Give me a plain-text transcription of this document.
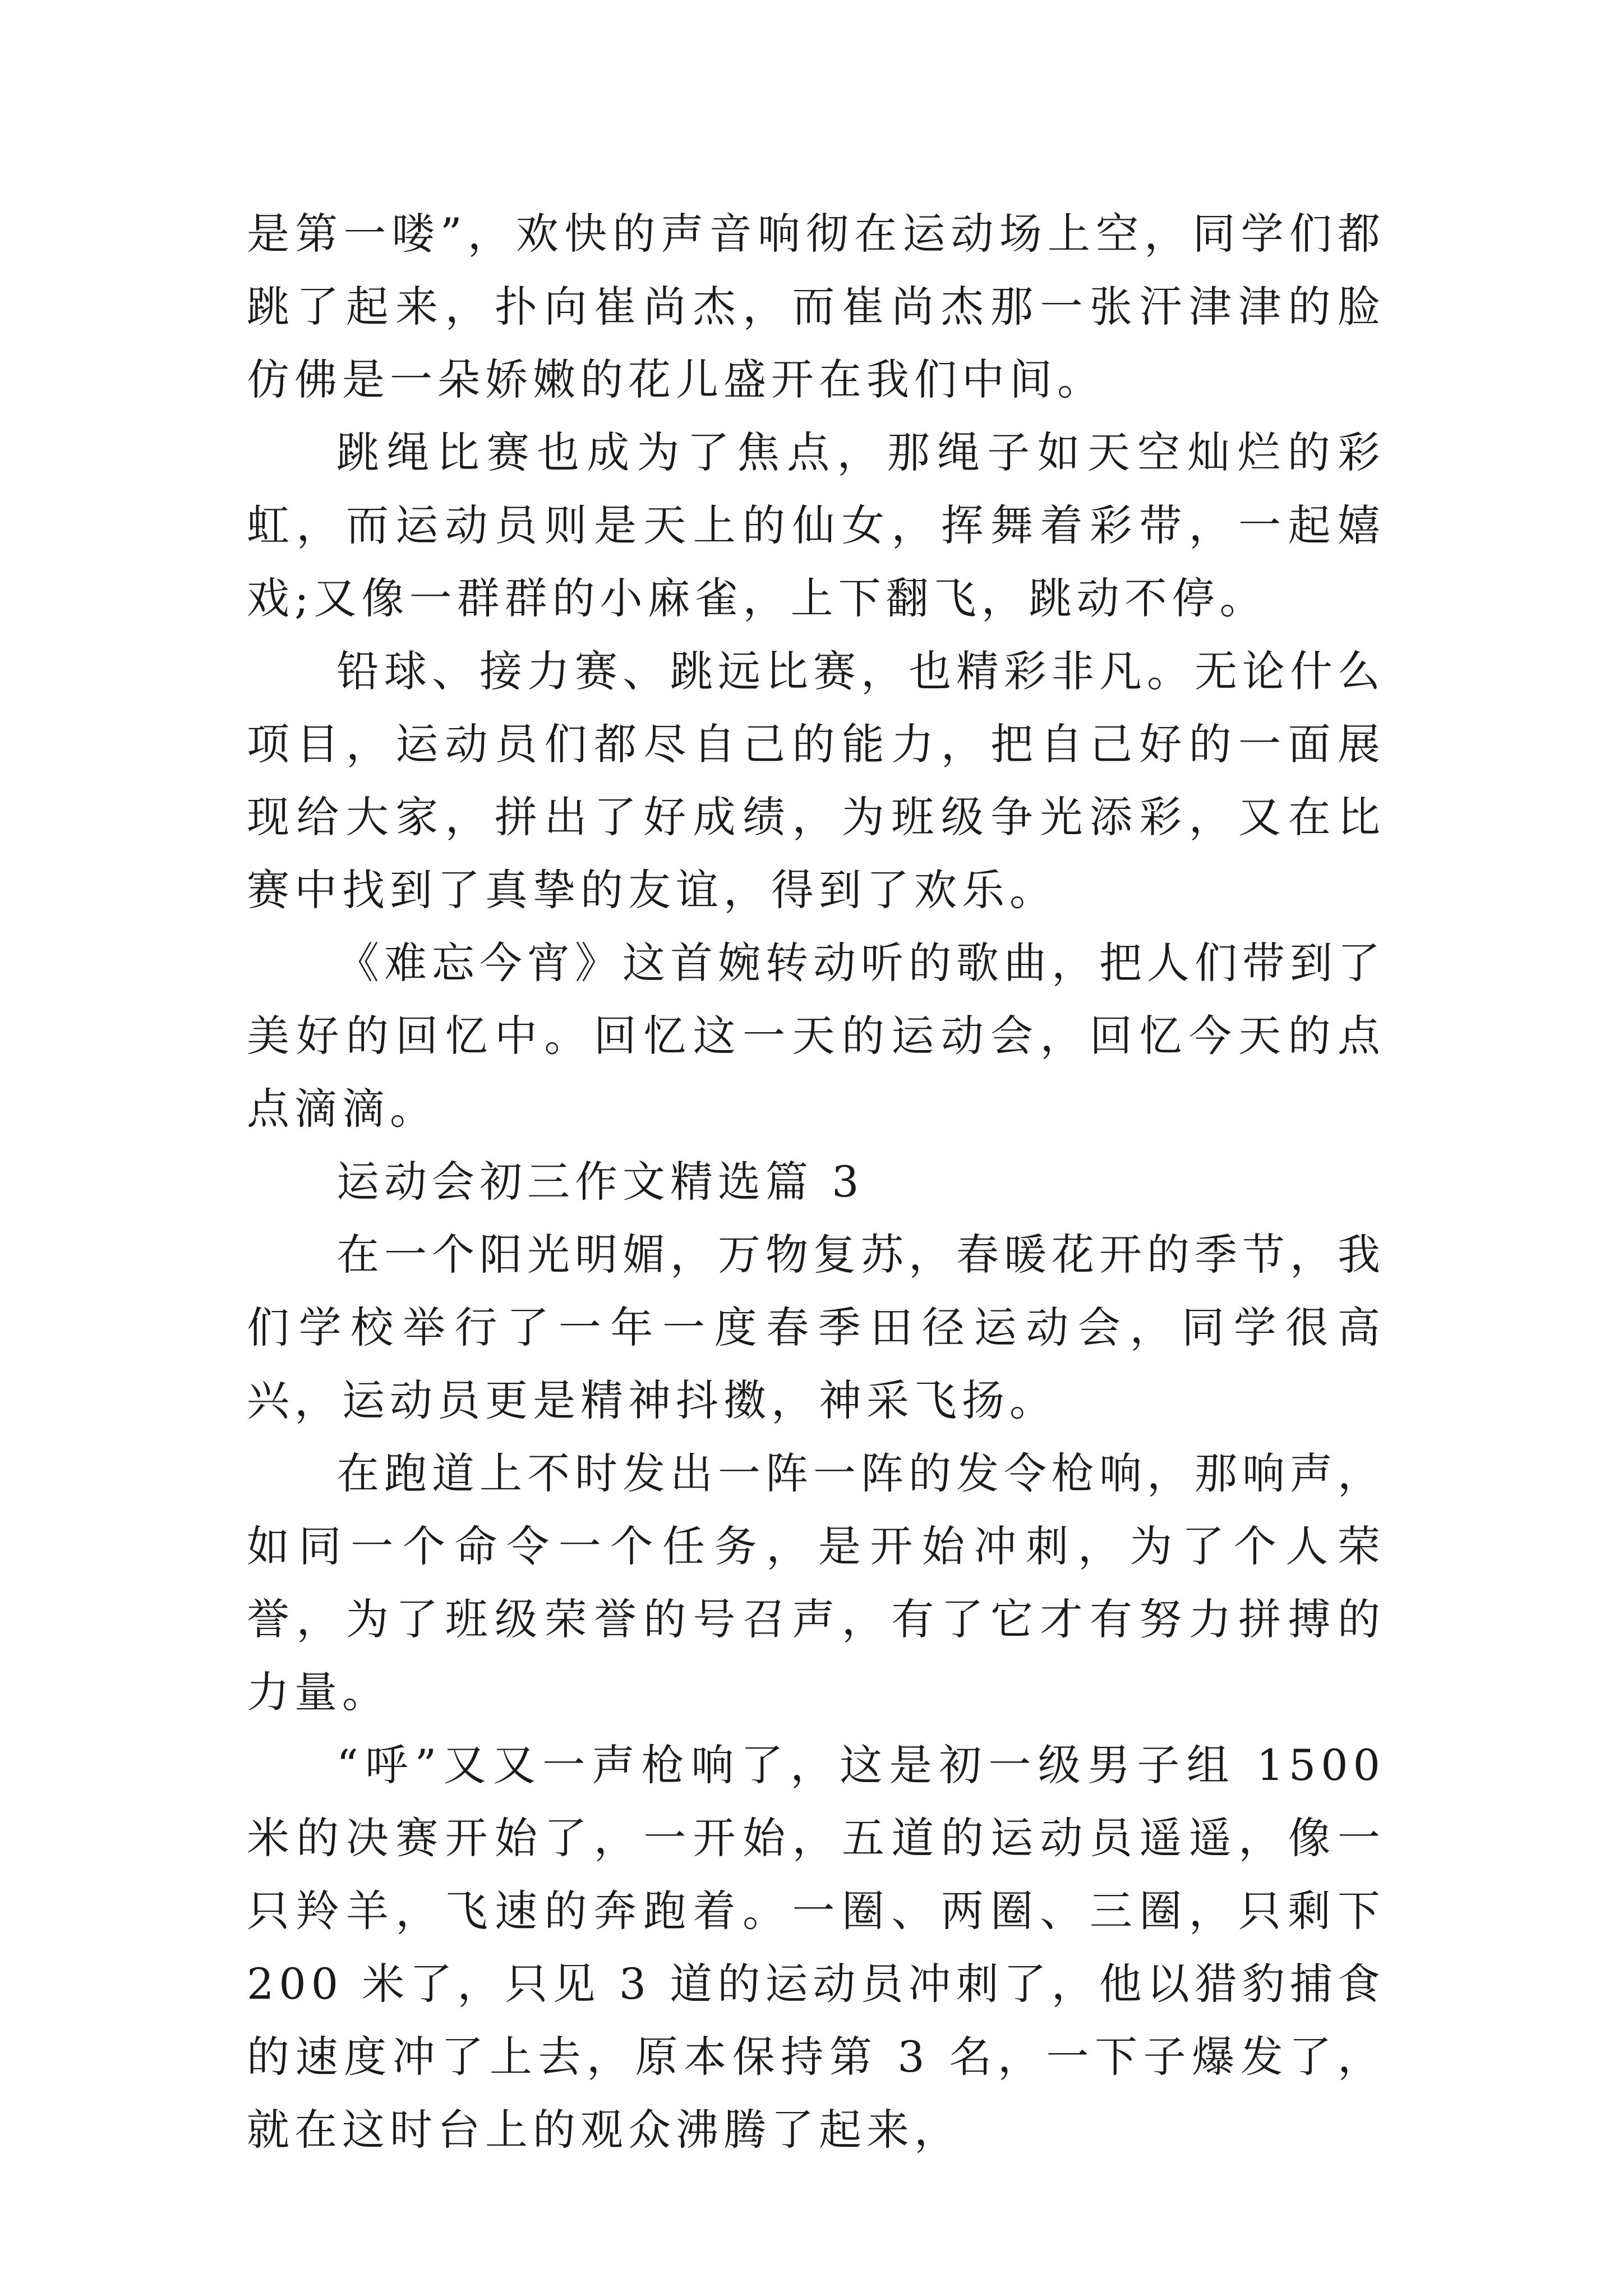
是第一喽”，欢快的声音响彻在运动场上空，同学们都跳了起来，扑向崔尚杰，而崔尚杰那一张汗津津的脸仿佛是一朵娇嫩的花儿盛开在我们中间。

跳绳比赛也成为了焦点，那绳子如天空灿烂的彩虹，而运动员则是天上的仙女，挥舞着彩带，一起嬉戏;又像一群群的小麻雀，上下翻飞，跳动不停。

铅球、接力赛、跳远比赛，也精彩非凡。无论什么项目，运动员们都尽自己的能力，把自己好的一面展现给大家，拼出了好成绩，为班级争光添彩，又在比赛中找到了真挚的友谊，得到了欢乐。

《难忘今宵》这首婉转动听的歌曲，把人们带到了美好的回忆中。回忆这一天的运动会，回忆今天的点点滴滴。

运动会初三作文精选篇 3

在一个阳光明媚，万物复苏，春暖花开的季节，我们学校举行了一年一度春季田径运动会，同学很高兴，运动员更是精神抖擞，神采飞扬。

在跑道上不时发出一阵一阵的发令枪响，那响声，如同一个命令一个任务，是开始冲刺，为了个人荣誉，为了班级荣誉的号召声，有了它才有努力拼搏的力量。

“呼”又又一声枪响了，这是初一级男子组 1500 米的决赛开始了，一开始，五道的运动员遥遥，像一只羚羊，飞速的奔跑着。一圈、两圈、三圈，只剩下 200 米了，只见 3 道的运动员冲刺了，他以猎豹捕食的速度冲了上去，原本保持第 3 名，一下子爆发了，就在这时台上的观众沸腾了起来，
